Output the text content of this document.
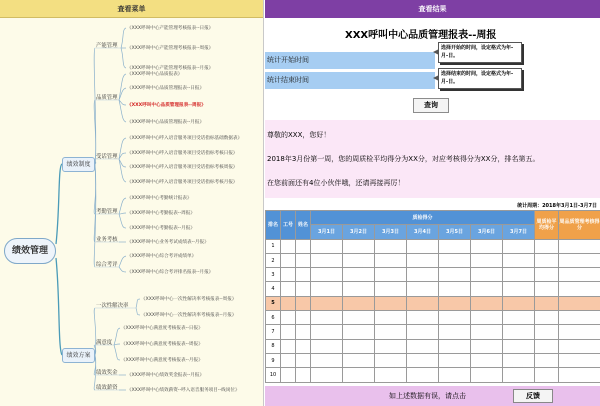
查看菜单
绩效管理
绩效制度
绩效方案
产能管理
品质管理
受话管理
考勤管理
业务考核
综合考评
一次性解决率
满意度
绩效奖金
绩效薪资
《XXX呼叫中心产能管理考核报表--日报》
《XXX呼叫中心产能管理考核报表--周报》
《XXX呼叫中心产能管理考核报表--月报》
《XXX呼叫中心品质报表》
《XXX呼叫中心品质管理报表--日报》
《XXX呼叫中心品质管理报表--周报》
《XXX呼叫中心品质管理报表--月报》
《XXX呼叫中心呼入语音服务项目受话指标基础数据表》
《XXX呼叫中心呼入语音服务项目受话指标考核日报》
《XXX呼叫中心呼入语音服务项目受话指标考核周报》
《XXX呼叫中心呼入语音服务项目受话指标考核月报》
《XXX呼叫中心考勤统计报表》
《XXX呼叫中心考勤报表--周报》
《XXX呼叫中心考勤报表--月报》
《XXX呼叫中心业务考试成绩表--月报》
《XXX呼叫中心综合考评成绩单》
《XXX呼叫中心综合考评排名报表--月报》
《XXX呼叫中心一次性解决率考核报表--周报》
《XXX呼叫中心一次性解决率考核报表--月报》
《XXX呼叫中心满意度考核报表--日报》
《XXX呼叫中心满意度考核报表--周报》
《XXX呼叫中心满意度考核报表--月报》
《XXX呼叫中心绩效奖金报表--月报》
《XXX呼叫中心绩效薪资--呼入语音服务项目--线岗位》
查看结果
XXX呼叫中心品质管理报表--周报
统计开始时间
选择开始的时间，设定格式为年-月-日。
统计结束时间
选择结束的时间，设定格式为年-月-日。
查询

尊敬的XXX，您好！

2018年3月份第一周，您的周质检平均得分为XX分，对应考核得分为XX分，排名第五。

在您前面还有4位小伙伴哦，还请再接再厉！

统计周期：2018年3月1日-3月7日
排名	工号	姓名	质检得分							周质检平均得分	周品质管理考核得分
			3月1日	3月2日	3月3日	3月4日	3月5日	3月6日	3月7日		
1											
2											
3											
4											
5											
6											
7											
8											
9											
10											
如上述数据有误，请点击	反馈
